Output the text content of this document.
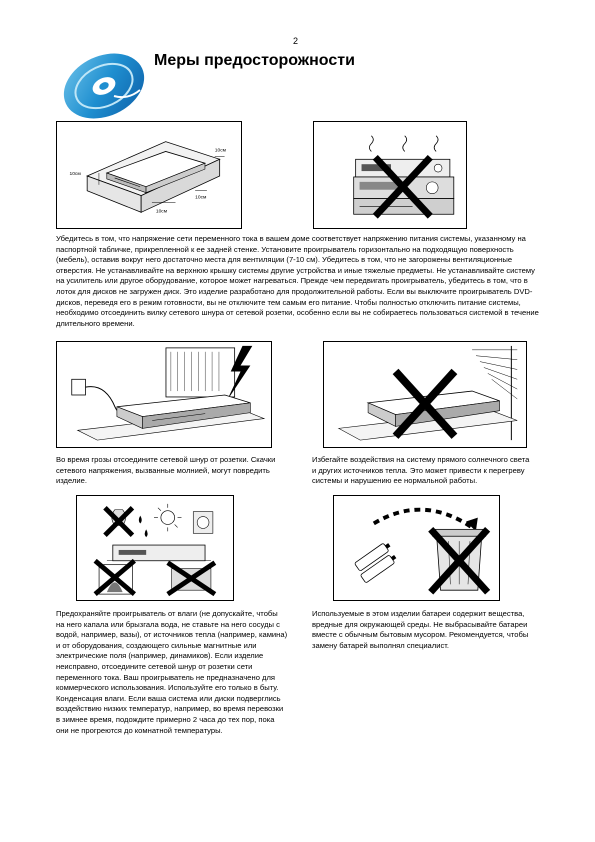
2
Меры предосторожности
10см
10см
10см
10см
Убедитесь в том, что напряжение сети переменного тока в вашем доме соответствует напряжению питания системы, указанному на паспортной табличке, прикрепленной к ее задней стенке. Установите проигрыватель горизонтально на подходящую поверхность (мебель), оставив вокруг него достаточно места для вентиляции (7-10 см). Убедитесь в том, что не загорожены вентиляционные отверстия. Не устанавливайте на верхнюю крышку системы другие устройства и иные тяжелые предметы. Не устанавливайте систему на усилитель или другое оборудование, которое может нагреваться. Прежде чем передвигать проигрыватель, убедитесь в том, что в лоток для дисков не загружен диск. Это изделие разработано для продолжительной работы. Если вы выключите проигрыватель DVD-дисков, переведя его в режим готовности, вы не отключите тем самым его питание. Чтобы полностью отключить питание системы, необходимо отсоединить вилку сетевого шнура от сетевой розетки, особенно если вы не собираетесь пользоваться системой в течение длительного времени.
Во время грозы отсоедините сетевой шнур от розетки. Скачки сетевого напряжения, вызванные молнией, могут повредить изделие.
Избегайте воздействия на систему прямого солнечного света и других источников тепла. Это может привести к перегреву системы и нарушению ее нормальной работы.

Предохраняйте проигрыватель от влаги (не допускайте, чтобы на него капала или брызгала вода, не ставьте на него сосуды с водой, например, вазы), от источников тепла (например, камина) и от оборудования, создающего сильные магнитные или электрические поля (например, динамиков). Если изделие неисправно, отсоедините сетевой шнур от розетки сети переменного тока. Ваш проигрыватель не предназначено для коммерческого использования. Используйте его только в быту.

Конденсация влаги. Если ваша система или диски подверглись воздействию низких температур, например, во время перевозки в зимнее время, подождите примерно 2 часа до тех пор, пока они не прогреются до комнатной температуры.

Используемые в этом изделии батареи содержит вещества, вредные для окружающей среды. Не выбрасывайте батареи вместе с обычным бытовым мусором. Рекомендуется, чтобы замену батарей выполнял специалист.
